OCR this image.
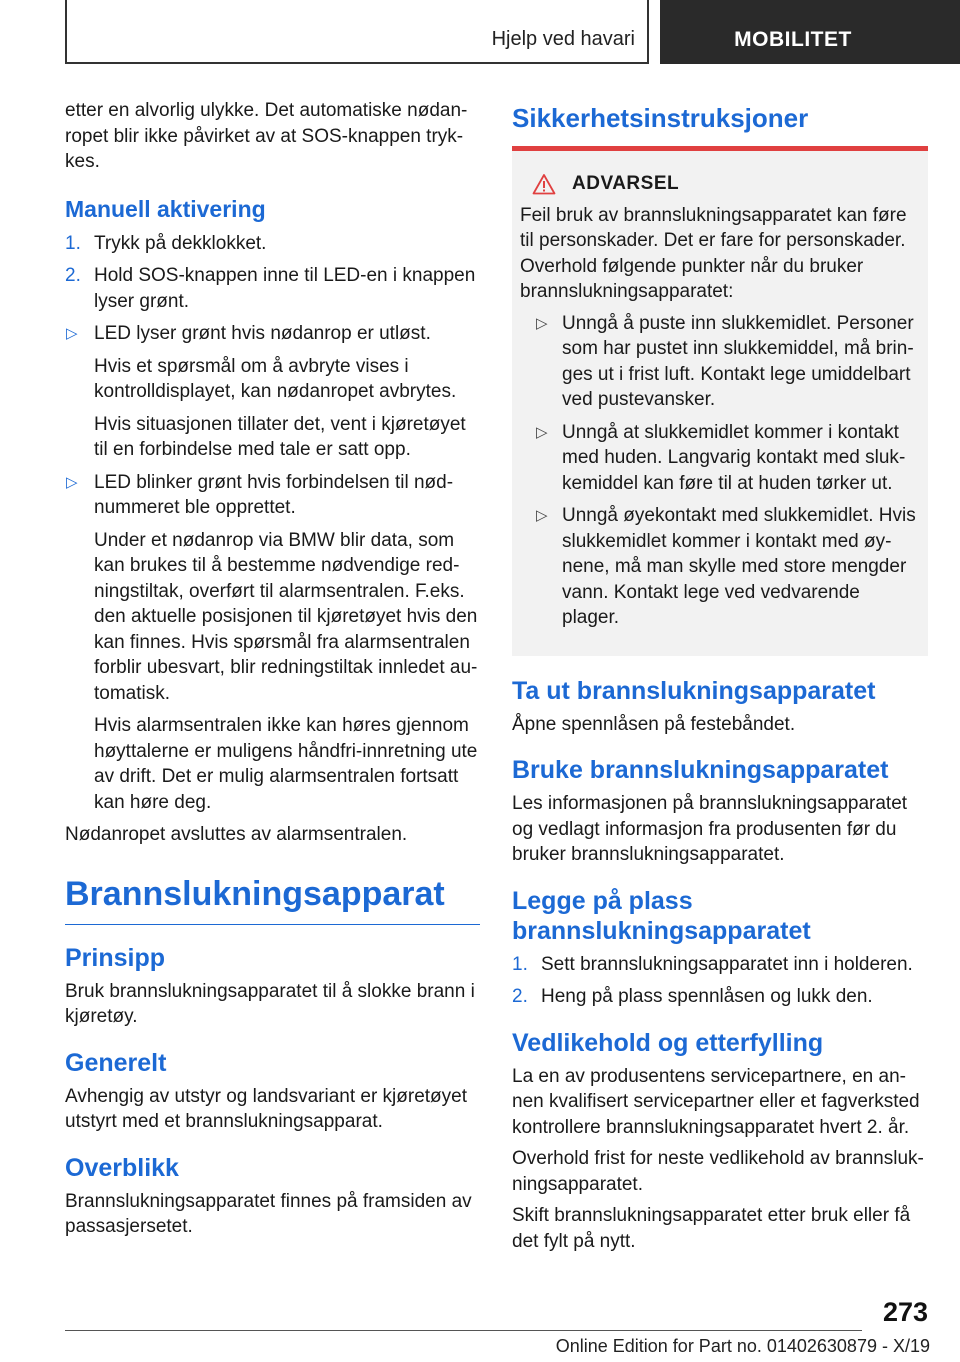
Hjelp ved havari	MOBILITET

etter en alvorlig ulykke. Det automatiske nødanropet blir ikke påvirket av at SOS-knappen trykkes.

Manuell aktivering
1. Trykk på dekklokket.
2. Hold SOS-knappen inne til LED-en i knappen lyser grønt.
▷ LED lyser grønt hvis nødanrop er utløst.
Hvis et spørsmål om å avbryte vises i kontrolldisplayet, kan nødanropet avbrytes.
Hvis situasjonen tillater det, vent i kjøretøyet til en forbindelse med tale er satt opp.
▷ LED blinker grønt hvis forbindelsen til nødnummeret ble opprettet.
Under et nødanrop via BMW blir data, som kan brukes til å bestemme nødvendige redningstiltak, overført til alarmsentralen. F.eks. den aktuelle posisjonen til kjøretøyet hvis den kan finnes. Hvis spørsmål fra alarmsentralen forblir ubesvart, blir redningstiltak innledet automatisk.
Hvis alarmsentralen ikke kan høres gjennom høyttalerne er muligens håndfri-innretning ute av drift. Det er mulig alarmsentralen fortsatt kan høre deg.

Nødanropet avsluttes av alarmsentralen.

Brannslukningsapparat
Prinsipp

Bruk brannslukningsapparatet til å slokke brann i kjøretøy.

Generelt

Avhengig av utstyr og landsvariant er kjøretøyet utstyrt med et brannslukningsapparat.

Overblikk

Brannslukningsapparatet finnes på framsiden av passasjersetet.

Sikkerhetsinstruksjoner
ADVARSEL

Feil bruk av brannslukningsapparatet kan føre til personskader. Det er fare for personskader. Overhold følgende punkter når du bruker brannslukningsapparatet:

▷ Unngå å puste inn slukkemidlet. Personer som har pustet inn slukkemiddel, må bringes ut i frist luft. Kontakt lege umiddelbart ved pustevansker.
▷ Unngå at slukkemidlet kommer i kontakt med huden. Langvarig kontakt med slukkemiddel kan føre til at huden tørker ut.
▷ Unngå øyekontakt med slukkemidlet. Hvis slukkemidlet kommer i kontakt med øynene, må man skylle med store mengder vann. Kontakt lege ved vedvarende plager.
Ta ut brannslukningsapparatet

Åpne spennlåsen på festebåndet.

Bruke brannslukningsapparatet

Les informasjonen på brannslukningsapparatet og vedlagt informasjon fra produsenten før du bruker brannslukningsapparatet.

Legge på plass brannslukningsapparatet
1. Sett brannslukningsapparatet inn i holderen.
2. Heng på plass spennlåsen og lukk den.
Vedlikehold og etterfylling

La en av produsentens servicepartnere, en annen kvalifisert servicepartner eller et fagverksted kontrollere brannslukningsapparatet hvert 2. år.

Overhold frist for neste vedlikehold av brannslukningsapparatet.

Skift brannslukningsapparatet etter bruk eller få det fylt på nytt.

273
Online Edition for Part no. 01402630879 - X/19
